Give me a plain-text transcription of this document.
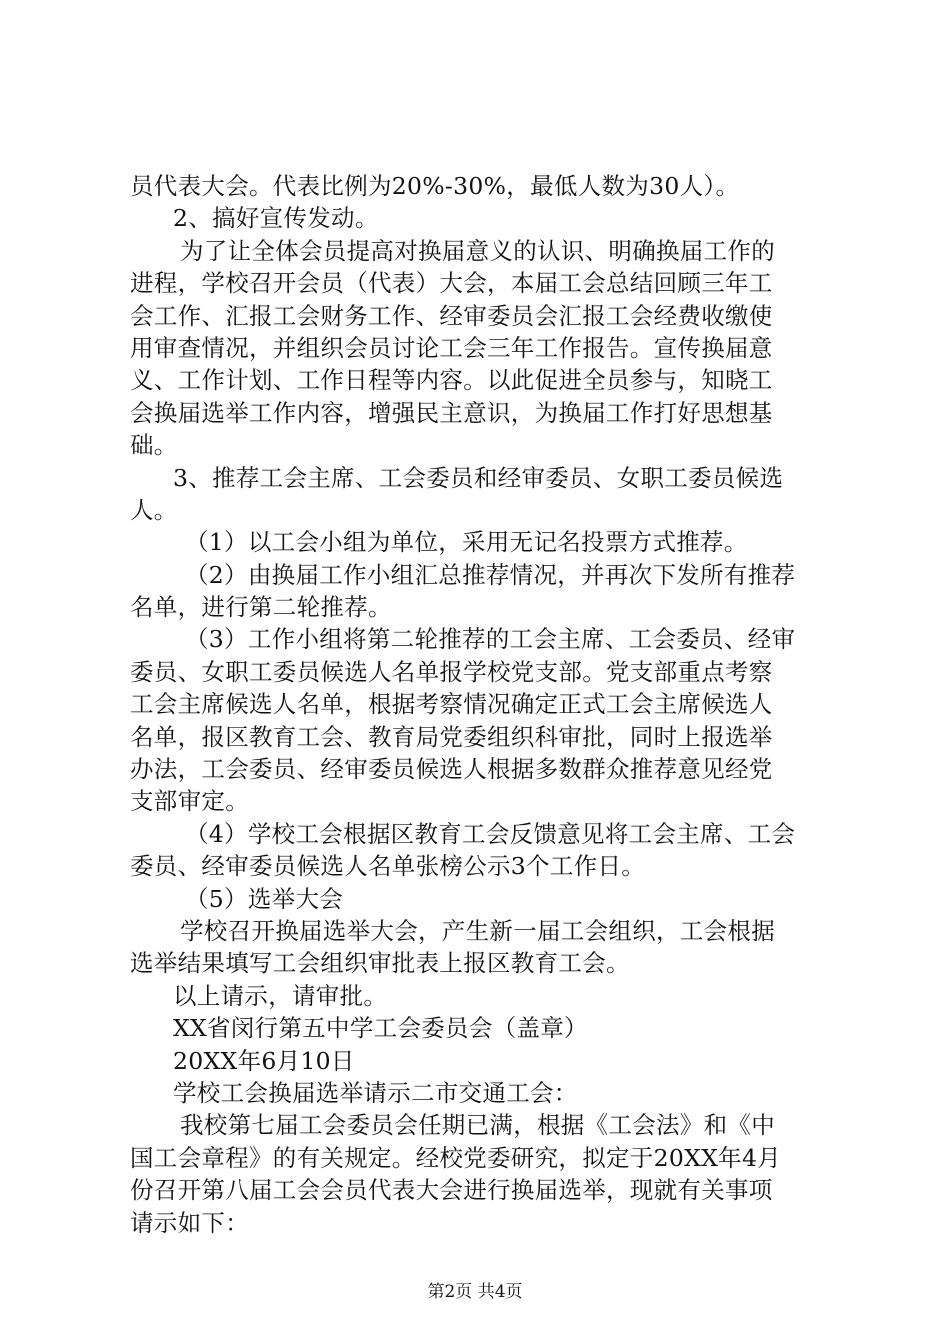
员代表大会。代表比例为20%-30%，最低人数为30人）。
2、搞好宣传发动。
为了让全体会员提高对换届意义的认识、明确换届工作的
进程，学校召开会员（代表）大会，本届工会总结回顾三年工
会工作、汇报工会财务工作、经审委员会汇报工会经费收缴使
用审查情况，并组织会员讨论工会三年工作报告。宣传换届意
义、工作计划、工作日程等内容。以此促进全员参与，知晓工
会换届选举工作内容，增强民主意识，为换届工作打好思想基
础。
3、推荐工会主席、工会委员和经审委员、女职工委员候选
人。
（1）以工会小组为单位，采用无记名投票方式推荐。
（2）由换届工作小组汇总推荐情况，并再次下发所有推荐
名单，进行第二轮推荐。
（3）工作小组将第二轮推荐的工会主席、工会委员、经审
委员、女职工委员候选人名单报学校党支部。党支部重点考察
工会主席候选人名单，根据考察情况确定正式工会主席候选人
名单，报区教育工会、教育局党委组织科审批，同时上报选举
办法，工会委员、经审委员候选人根据多数群众推荐意见经党
支部审定。
（4）学校工会根据区教育工会反馈意见将工会主席、工会
委员、经审委员候选人名单张榜公示3个工作日。
（5）选举大会
学校召开换届选举大会，产生新一届工会组织，工会根据
选举结果填写工会组织审批表上报区教育工会。
以上请示，请审批。
XX省闵行第五中学工会委员会（盖章）
20XX年6月10日
学校工会换届选举请示二市交通工会：
我校第七届工会委员会任期已满，根据《工会法》和《中
国工会章程》的有关规定。经校党委研究，拟定于20XX年4月
份召开第八届工会会员代表大会进行换届选举，现就有关事项
请示如下：
第2页 共4页
